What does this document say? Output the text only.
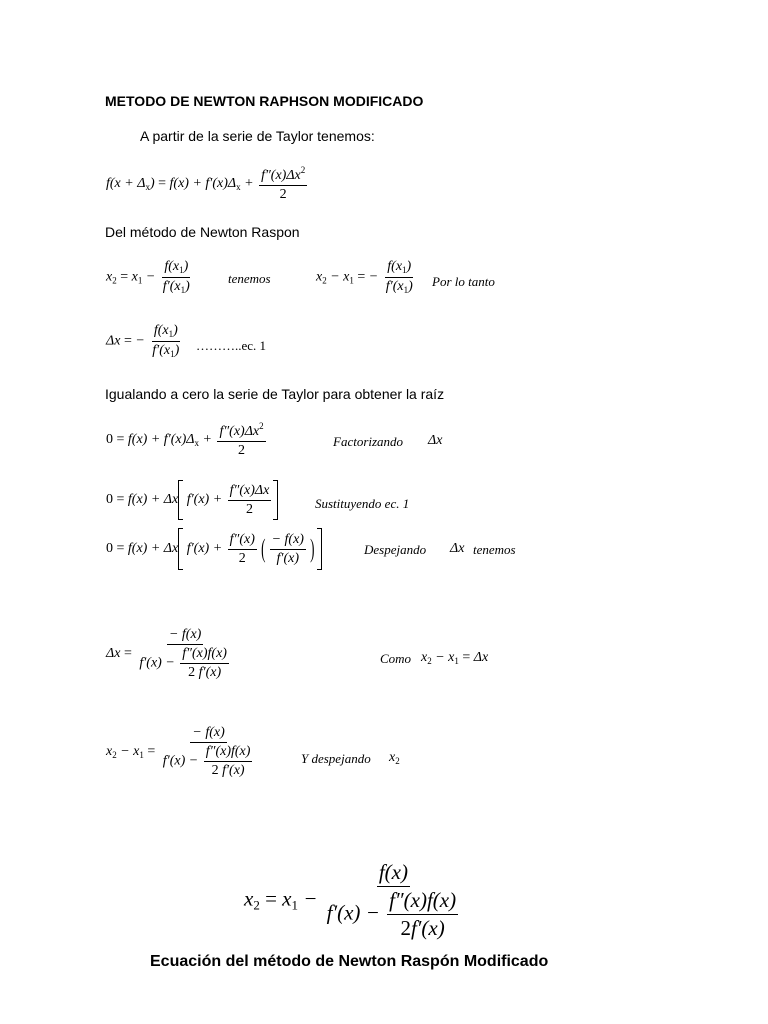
METODO DE NEWTON RAPHSON MODIFICADO
A partir de la serie de Taylor tenemos:
$f(x + \Delta_x) = f(x) + f'(x)\Delta_x + \frac{f''(x)\Delta x^2}{2}$
Del método de Newton Raspon
$x_2 = x_1 - \frac{f(x_1)}{f'(x_1)}$	tenemos	$x_2 - x_1$ = − $\frac{f(x_1)}{f'(x_1)}$ Por lo tanto
Δx = − $\frac{f(x_1)}{f'(x_1)}$ ………..ec. 1
Igualando a cero la serie de Taylor para obtener la raíz
$0 = f(x) + f'(x)\Delta_x + \frac{f''(x)\Delta x^2}{2}$	Factorizando Δx
0 = f(x) + Δx $f'(x) + \frac{f''(x)\Delta x}{2}$	Sustituyendo ec. 1
0 = f(x) + Δx $f'(x) + \frac{f''(x)}{2}$ ( $\frac{- f(x)}{f'(x)}$ )	Despejando Δx tenemos
$\Delta x = \frac{- f(x)}{f'(x) - \frac{f''(x)f(x)}{2 f'(x)}}$	Como $x_2 - x_1 = \Delta x$
$x_2 - x_1 = \frac{- f(x)}{f'(x) - \frac{f''(x)f(x)}{2 f'(x)}}$	Y despejando $x_2$
$x_2 = x_1 - \frac{f(x)}{f'(x) - \frac{f''(x)f(x)}{2f'(x)}}$
Ecuación del método de Newton Raspón Modificado
